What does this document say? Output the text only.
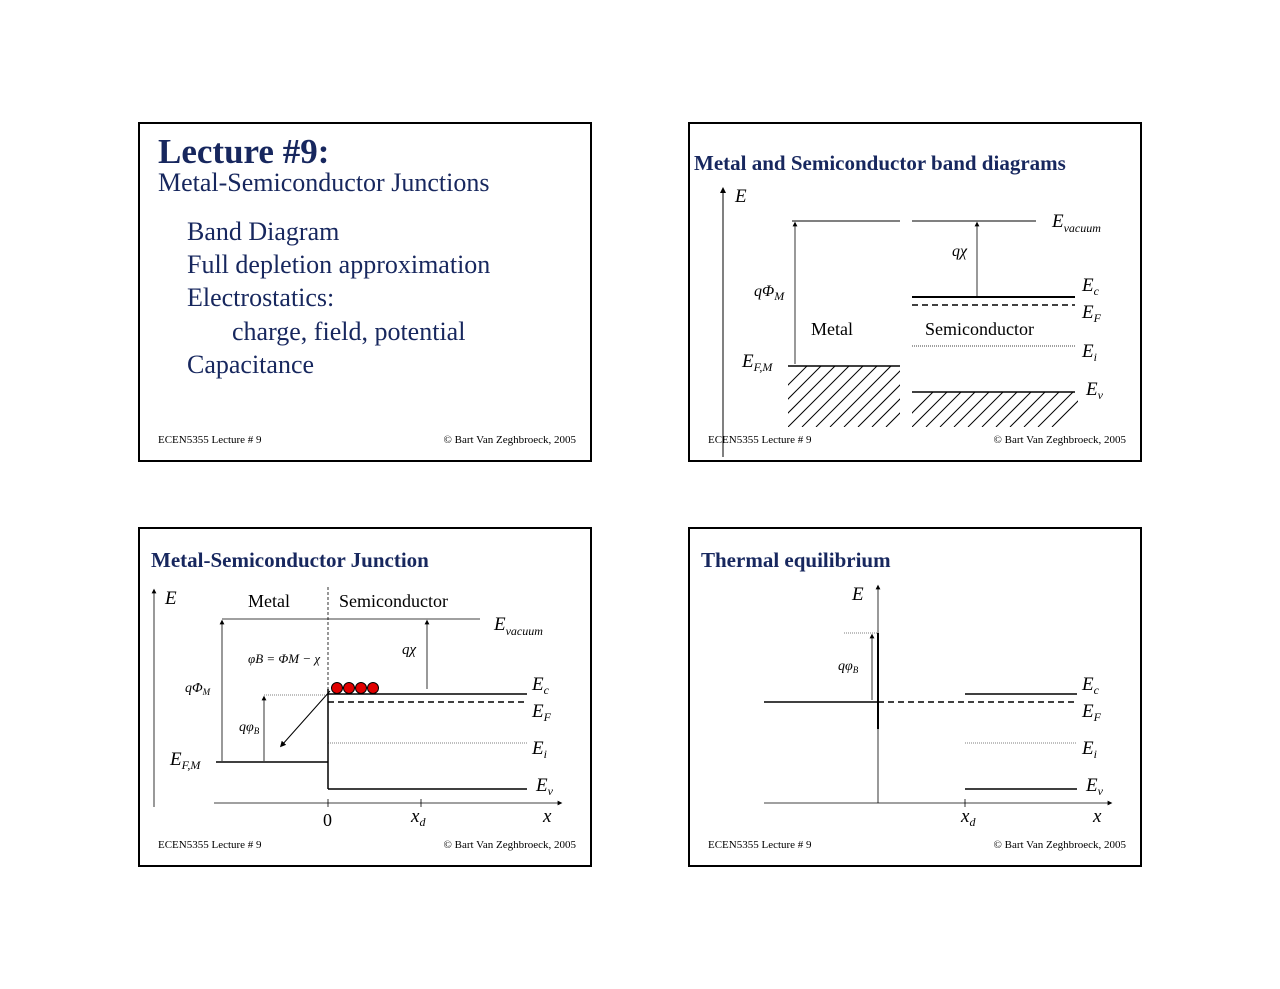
Lecture #9:
Metal-Semiconductor Junctions
Band Diagram
Full depletion approximation
Electrostatics:
charge, field, potential
Capacitance
ECEN5355 Lecture # 9	© Bart Van Zeghbroeck, 2005
Metal and Semiconductor band diagrams
E
$E_{vacuum}$
$q\Phi_M$
qχ
Metal	Semiconductor
$E_{F,M}$
$E_c$
$E_F$
$E_i$
$E_v$
ECEN5355 Lecture # 9	© Bart Van Zeghbroeck, 2005
Metal-Semiconductor Junction
E	Metal	Semiconductor
$E_{vacuum}$
$q\Phi_M$
qχ
φB = ΦM − χ
$q\varphi_B$
$E_{F,M}$
$E_c$
$E_F$
$E_i$
$E_v$
0	$x_d$	x
ECEN5355 Lecture # 9	© Bart Van Zeghbroeck, 2005
Thermal equilibrium
E
$q\varphi_B$
$E_c$
$E_F$
$E_i$
$E_v$
$x_d$	x
ECEN5355 Lecture # 9	© Bart Van Zeghbroeck, 2005
